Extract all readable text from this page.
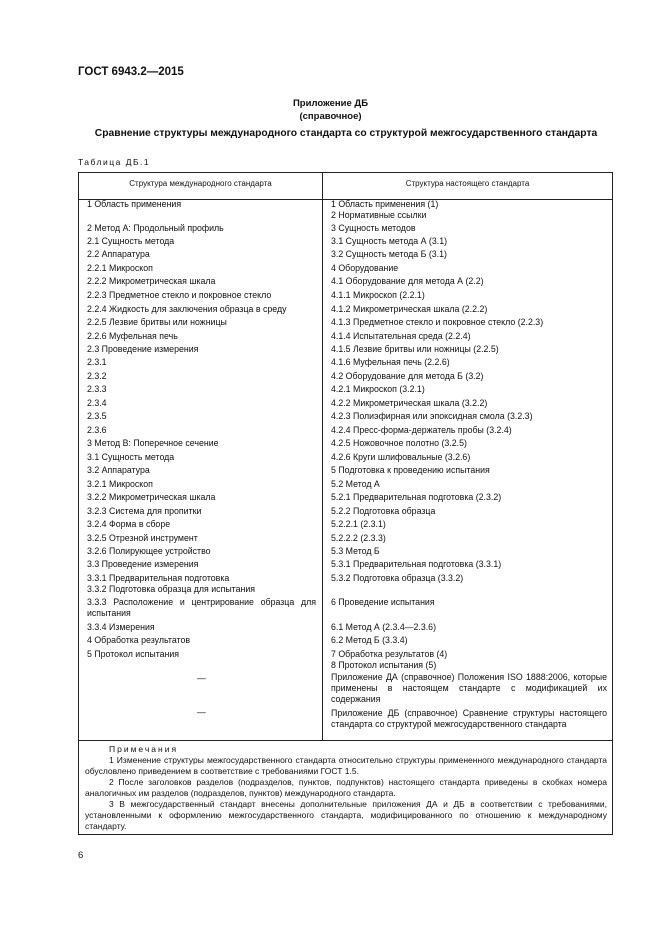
ГОСТ 6943.2—2015
Приложение ДБ
(справочное)
Сравнение структуры международного стандарта со структурой межгосударственного стандарта
Таблица ДБ.1
Структура международного стандарта	Структура настоящего стандарта
1 Область применения
2 Метод А: Продольный профиль
2.1 Сущность метода
2.2 Аппаратура
2.2.1 Микроскоп
2.2.2 Микрометрическая шкала
2.2.3 Предметное стекло и покровное стекло
2.2.4 Жидкость для заключения образца в среду
2.2.5 Лезвие бритвы или ножницы
2.2.6 Муфельная печь
2.3 Проведение измерения
2.3.1
2.3.2
2.3.3
2.3.4
2.3.5
2.3.6
3 Метод В: Поперечное сечение
3.1 Сущность метода
3.2 Аппаратура
3.2.1 Микроскоп
3.2.2 Микрометрическая шкала
3.2.3 Система для пропитки
3.2.4 Форма в сборе
3.2.5 Отрезной инструмент
3.2.6 Полирующее устройство
3.3 Проведение измерения
3.3.1 Предварительная подготовка
3.3.2 Подготовка образца для испытания
3.3.3 Расположение и центрирование образца для испытания
3.3.4 Измерения
4 Обработка результатов
5 Протокол испытания
—
—
1 Область применения (1)
2 Нормативные ссылки
3 Сущность методов
3.1 Сущность метода А (3.1)
3.2 Сущность метода Б (3.1)
4 Оборудование
4.1 Оборудование для метода А (2.2)
4.1.1 Микроскоп (2.2.1)
4.1.2 Микрометрическая шкала (2.2.2)
4.1.3 Предметное стекло и покровное стекло (2.2.3)
4.1.4 Испытательная среда (2.2.4)
4.1.5 Лезвие бритвы или ножницы (2.2.5)
4.1.6 Муфельная печь (2.2.6)
4.2 Оборудование для метода Б (3.2)
4.2.1 Микроскоп (3.2.1)
4.2.2 Микрометрическая шкала (3.2.2)
4.2.3 Полиэфирная или эпоксидная смола (3.2.3)
4.2.4 Пресс-форма-держатель пробы (3.2.4)
4.2.5 Ножовочное полотно (3.2.5)
4.2.6 Круги шлифовальные (3.2.6)
5 Подготовка к проведению испытания
5.2 Метод А
5.2.1 Предварительная подготовка (2.3.2)
5.2.2 Подготовка образца
5.2.2.1 (2.3.1)
5.2.2.2 (2.3.3)
5.3 Метод Б
5.3.1 Предварительная подготовка (3.3.1)
5.3.2 Подготовка образца (3.3.2)
6 Проведение испытания
6.1 Метод А (2.3.4—2.3.6)
6.2 Метод Б (3.3.4)
7 Обработка результатов (4)
8 Протокол испытания (5)
Приложение ДА (справочное) Положения ISO 1888:2006, которые применены в настоящем стандарте с модификацией их содержания
Приложение ДБ (справочное) Сравнение структуры настоящего стандарта со структурой межгосударственного стандарта
Примечания

1 Изменение структуры межгосударственного стандарта относительно структуры примененного международного стандарта обусловлено приведением в соответствие с требованиями ГОСТ 1.5.

2 После заголовков разделов (подразделов, пунктов, подпунктов) настоящего стандарта приведены в скобках номера аналогичных им разделов (подразделов, пунктов) международного стандарта.

3 В межгосударственный стандарт внесены дополнительные приложения ДА и ДБ в соответствии с требованиями, установленными к оформлению межгосударственного стандарта, модифицированного по отношению к международному стандарту.

6
